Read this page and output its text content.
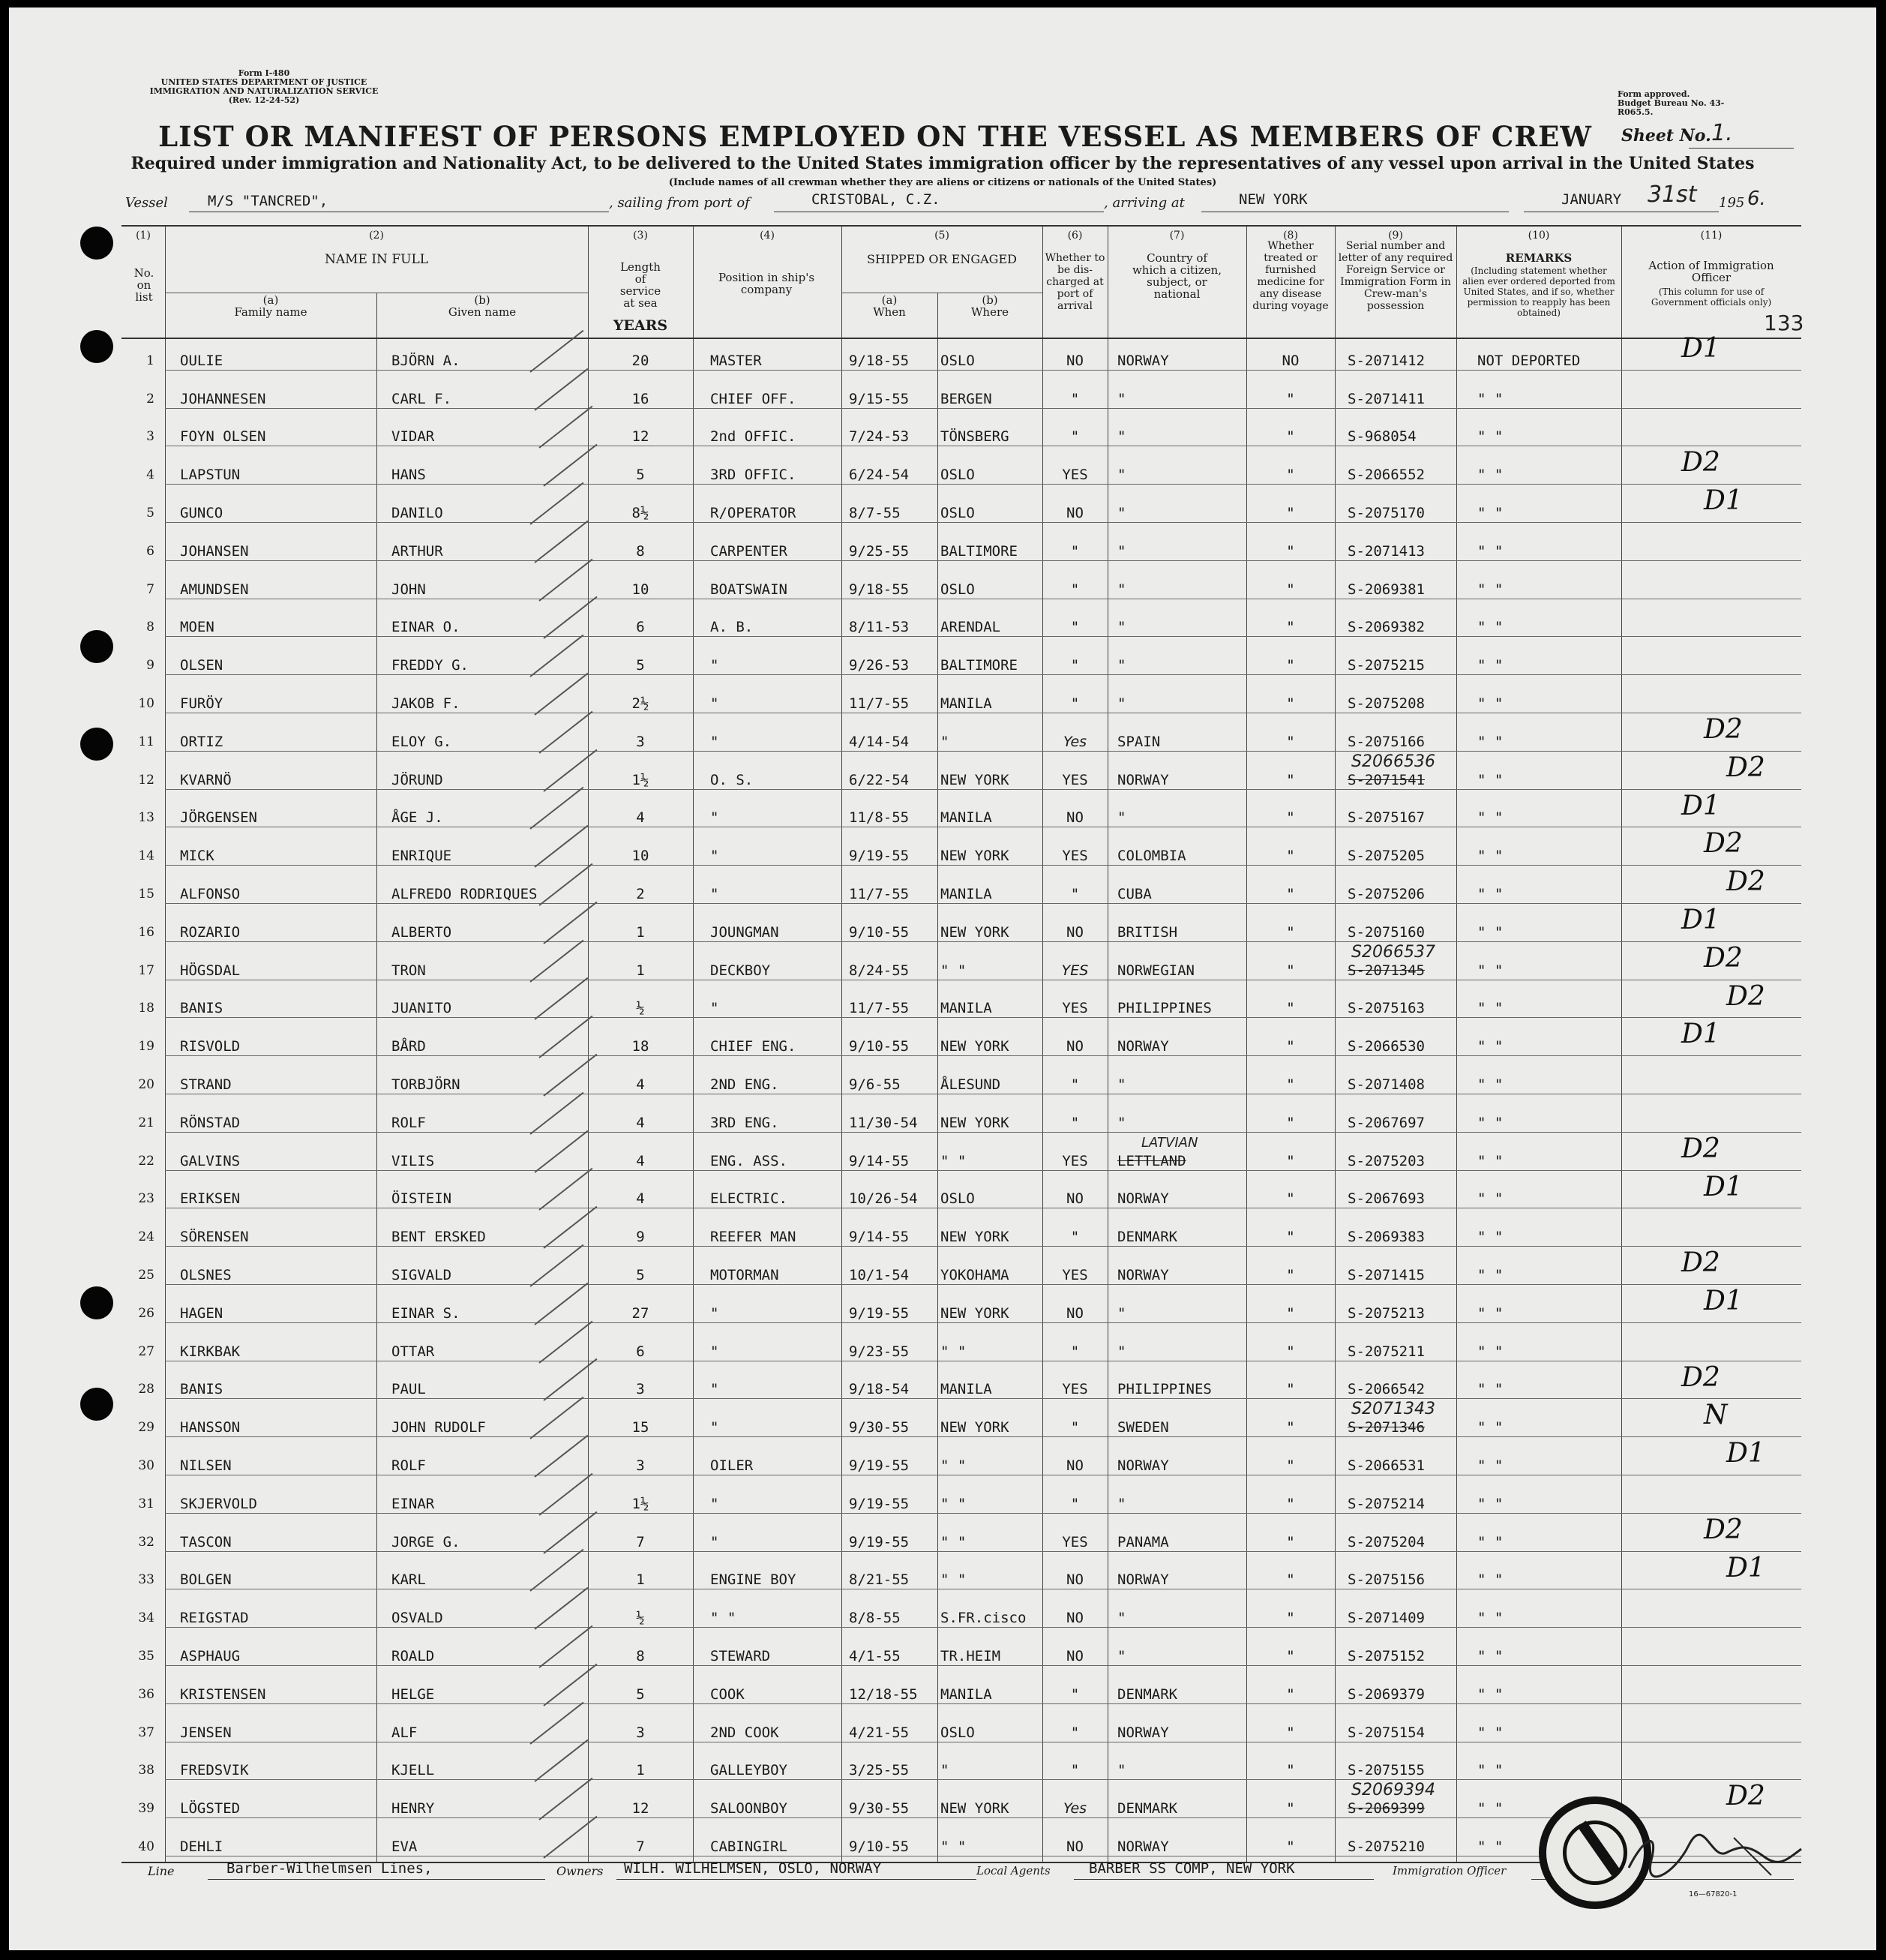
Form I-480
UNITED STATES DEPARTMENT OF JUSTICE
IMMIGRATION AND NATURALIZATION SERVICE
(Rev. 12-24-52)
Form approved.
Budget Bureau No. 43-R065.5.
LIST OR MANIFEST OF PERSONS EMPLOYED ON THE VESSEL AS MEMBERS OF CREW	Sheet No. 1.
Required under immigration and Nationality Act, to be delivered to the United States immigration officer by the representatives of any vessel upon arrival in the United States
(Include names of all crewman whether they are aliens or citizens or nationals of the United States)
Vessel	M/S "TANCRED",	, sailing from port of	CRISTOBAL, C.Z.	, arriving at	NEW YORK	JANUARY 31st 195 6.
(1)
No. on list
(2)
NAME IN FULL
(a)
Family name
(b)
Given name
(3)
Length of service at sea
YEARS
(4)
Position in ship's company
(5)
SHIPPED OR ENGAGED
(a)
When
(b)
Where
(6)
Whether to be dis-charged at port of arrival
(7)
Country of which a citizen, subject, or national
(8)
Whether treated or furnished medicine for any disease during voyage
(9)
Serial number and letter of any required Foreign Service or Immigration Form in Crew-man's possession
(10)
REMARKS
(Including statement whether alien ever ordered deported from United States, and if so, whether permission to reapply has been obtained)
(11)
Action of Immigration Officer
(This column for use of Government officials only)
133
1 OULIE	BJÖRN A.	20	MASTER	9/18-55 OSLO	NO	NORWAY	NO	S-2071412	NOT DEPORTED	D1
2 JOHANNESEN	CARL F.	16	CHIEF OFF.	9/15-55 BERGEN	"	"	"	S-2071411	" "
3 FOYN OLSEN	VIDAR	12	2nd OFFIC.	7/24-53 TÖNSBERG	"	"	"	S-968054	" "
4 LAPSTUN	HANS	5	3RD OFFIC.	6/24-54 OSLO	YES	"	"	S-2066552	" "	D2
5 GUNCO	DANILO	8½	R/OPERATOR	8/7-55	OSLO	NO	"	"	S-2075170	" "	D1
6 JOHANSEN	ARTHUR	8	CARPENTER	9/25-55 BALTIMORE	"	"	"	S-2071413	" "
7 AMUNDSEN	JOHN	10	BOATSWAIN	9/18-55 OSLO	"	"	"	S-2069381	" "
8 MOEN	EINAR O.	6	A. B.	8/11-53 ARENDAL	"	"	"	S-2069382	" "
9 OLSEN	FREDDY G.	5	"	9/26-53 BALTIMORE	"	"	"	S-2075215	" "
10 FURÖY	JAKOB F.	2½	"	11/7-55 MANILA	"	"	"	S-2075208	" "
11 ORTIZ	ELOY G.	3	"	4/14-54 "	Yes	SPAIN	"	S-2075166	" "	D2
12 KVARNÖ	JÖRUND	1½	O. S.	6/22-54 NEW YORK	YES	NORWAY	"	S-2071541	" "
S2066536	D2
13 JÖRGENSEN	ÅGE J.	4	"	11/8-55 MANILA	NO	"	"	S-2075167	" "	D1
14 MICK	ENRIQUE	10	"	9/19-55 NEW YORK	YES	COLOMBIA	"	S-2075205	" "	D2
15 ALFONSO	ALFREDO RODRIQUES	2	"	11/7-55 MANILA	"	CUBA	"	S-2075206	" "	D2
16 ROZARIO	ALBERTO	1	JOUNGMAN	9/10-55 NEW YORK	NO	BRITISH	"	S-2075160	" "	D1
17 HÖGSDAL	TRON	1	DECKBOY	8/24-55 " "	YES	NORWEGIAN	"	S-2071345	" "
S2066537	D2
18 BANIS	JUANITO	½	"	11/7-55 MANILA	YES	PHILIPPINES	"	S-2075163	" "	D2
19 RISVOLD	BÅRD	18	CHIEF ENG.	9/10-55 NEW YORK	NO	NORWAY	"	S-2066530	" "	D1
20 STRAND	TORBJÖRN	4	2ND ENG.	9/6-55	ÅLESUND	"	"	"	S-2071408	" "
21 RÖNSTAD	ROLF	4	3RD ENG.	11/30-54 NEW YORK	"	"	"	S-2067697	" "
22 GALVINS	VILIS	4	ENG. ASS.	9/14-55 " "	YES	LETTLAND	"	S-2075203	" "
LATVIAN	D2
23 ERIKSEN	ÖISTEIN	4	ELECTRIC.	10/26-54 OSLO	NO	NORWAY	"	S-2067693	" "	D1
24 SÖRENSEN	BENT ERSKED	9	REEFER MAN	9/14-55 NEW YORK	"	DENMARK	"	S-2069383	" "
25 OLSNES	SIGVALD	5	MOTORMAN	10/1-54 YOKOHAMA	YES	NORWAY	"	S-2071415	" "	D2
26 HAGEN	EINAR S.	27	"	9/19-55 NEW YORK	NO	"	"	S-2075213	" "	D1
27 KIRKBAK	OTTAR	6	"	9/23-55 " "	"	"	"	S-2075211	" "
28 BANIS	PAUL	3	"	9/18-54 MANILA	YES	PHILIPPINES	"	S-2066542	" "	D2
29 HANSSON	JOHN RUDOLF	15	"	9/30-55 NEW YORK	"	SWEDEN	"	S-2071346	" "
S2071343	N
30 NILSEN	ROLF	3	OILER	9/19-55 " "	NO	NORWAY	"	S-2066531	" "	D1
31 SKJERVOLD	EINAR	1½	"	9/19-55 " "	"	"	"	S-2075214	" "
32 TASCON	JORGE G.	7	"	9/19-55 " "	YES	PANAMA	"	S-2075204	" "	D2
33 BOLGEN	KARL	1	ENGINE BOY	8/21-55 " "	NO	NORWAY	"	S-2075156	" "	D1
34 REIGSTAD	OSVALD	½	" "	8/8-55	S.FR.cisco	NO	"	"	S-2071409	" "
35 ASPHAUG	ROALD	8	STEWARD	4/1-55	TR.HEIM	NO	"	"	S-2075152	" "
36 KRISTENSEN	HELGE	5	COOK	12/18-55 MANILA	"	DENMARK	"	S-2069379	" "
37 JENSEN	ALF	3	2ND COOK	4/21-55 OSLO	"	NORWAY	"	S-2075154	" "
38 FREDSVIK	KJELL	1	GALLEYBOY	3/25-55 "	"	"	"	S-2075155	" "
39 LÖGSTED	HENRY	12	SALOONBOY	9/30-55 NEW YORK	Yes	DENMARK	"	S-2069399	" "
S2069394	D2
40 DEHLI	EVA	7	CABINGIRL	9/10-55 " "	NO	NORWAY	"	S-2075210	" "
Line	Barber-Wilhelmsen Lines,	Owners WILH. WILHELMSEN, OSLO, NORWAY	Local Agents	BARBER SS COMP, NEW YORK	Immigration Officer
16—67820-1
